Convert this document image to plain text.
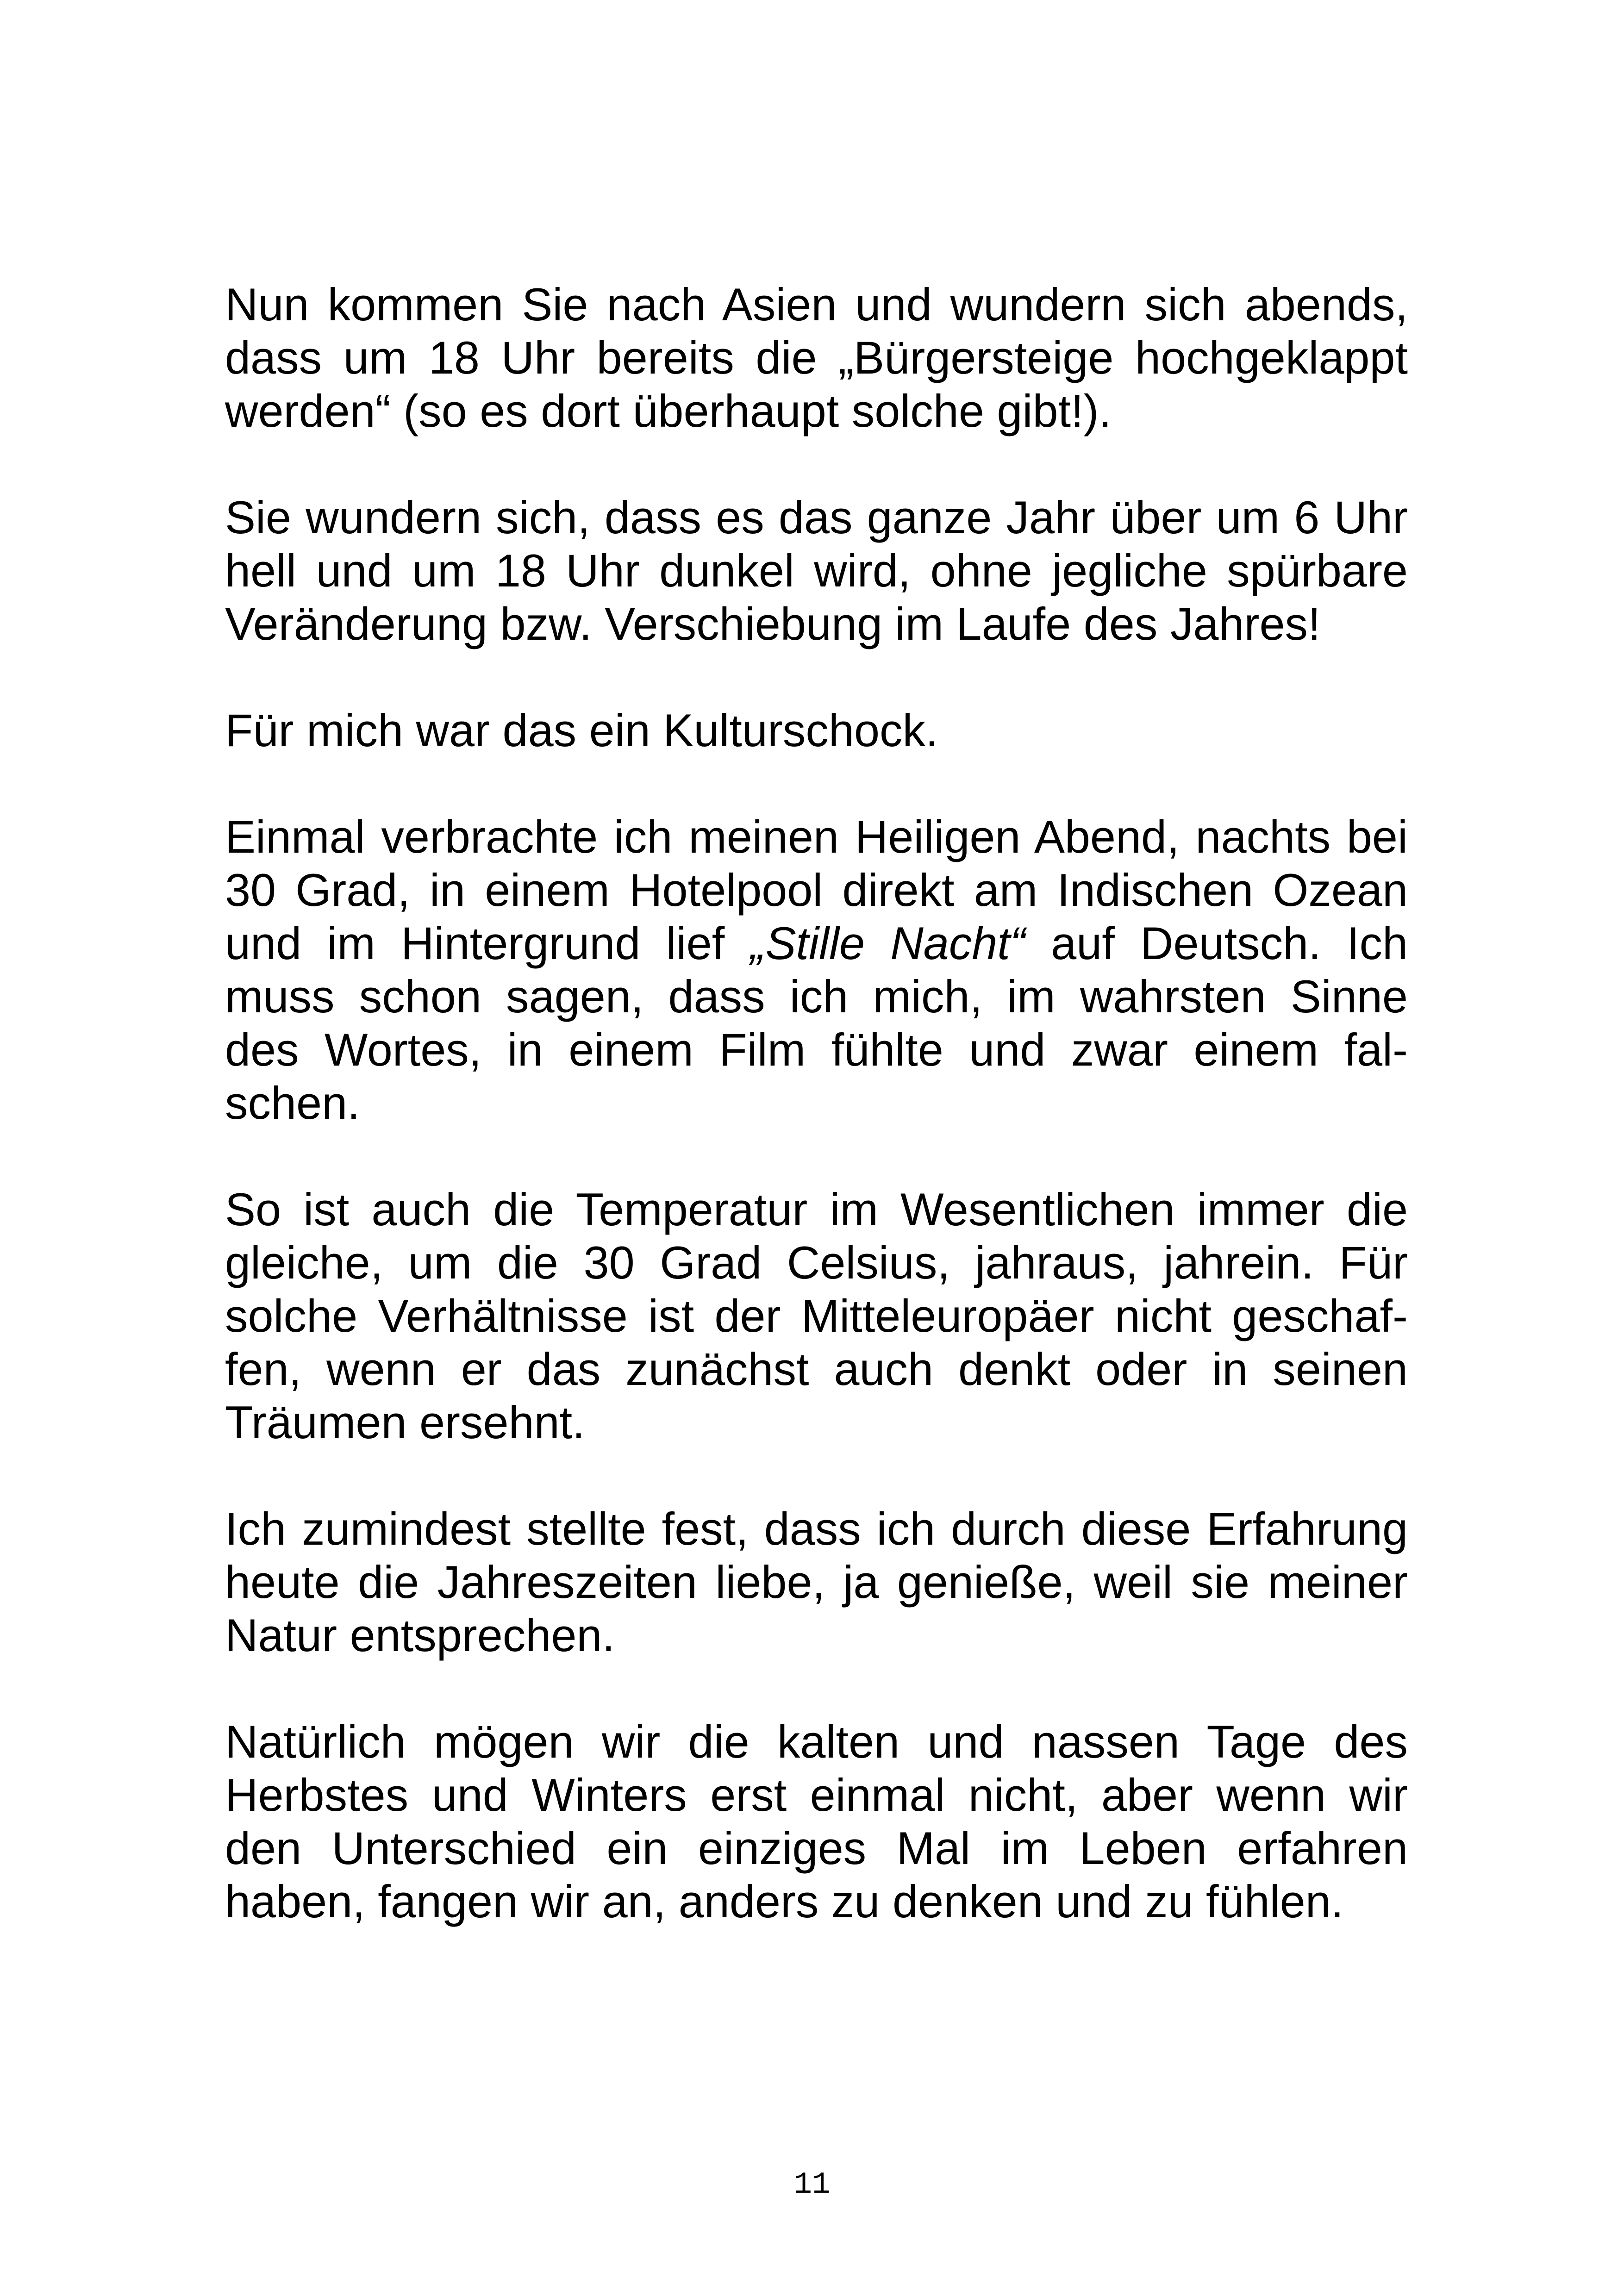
Nun kommen Sie nach Asien und wundern sich abends,
dass um 18 Uhr bereits die „Bürgersteige hochgeklappt
werden“ (so es dort überhaupt solche gibt!).

Sie wundern sich, dass es das ganze Jahr über um 6 Uhr
hell und um 18 Uhr dunkel wird, ohne jegliche spürbare
Veränderung bzw. Verschiebung im Laufe des Jahres!

Für mich war das ein Kulturschock.

Einmal verbrachte ich meinen Heiligen Abend, nachts bei
30 Grad, in einem Hotelpool direkt am Indischen Ozean
und im Hintergrund lief „Stille Nacht“ auf Deutsch. Ich
muss schon sagen, dass ich mich, im wahrsten Sinne
des Wortes, in einem Film fühlte und zwar einem fal-
schen.

So ist auch die Temperatur im Wesentlichen immer die
gleiche, um die 30 Grad Celsius, jahraus, jahrein. Für
solche Verhältnisse ist der Mitteleuropäer nicht geschaf-
fen, wenn er das zunächst auch denkt oder in seinen
Träumen ersehnt.

Ich zumindest stellte fest, dass ich durch diese Erfahrung
heute die Jahreszeiten liebe, ja genieße, weil sie meiner
Natur entsprechen.

Natürlich mögen wir die kalten und nassen Tage des
Herbstes und Winters erst einmal nicht, aber wenn wir
den Unterschied ein einziges Mal im Leben erfahren
haben, fangen wir an, anders zu denken und zu fühlen.

11
